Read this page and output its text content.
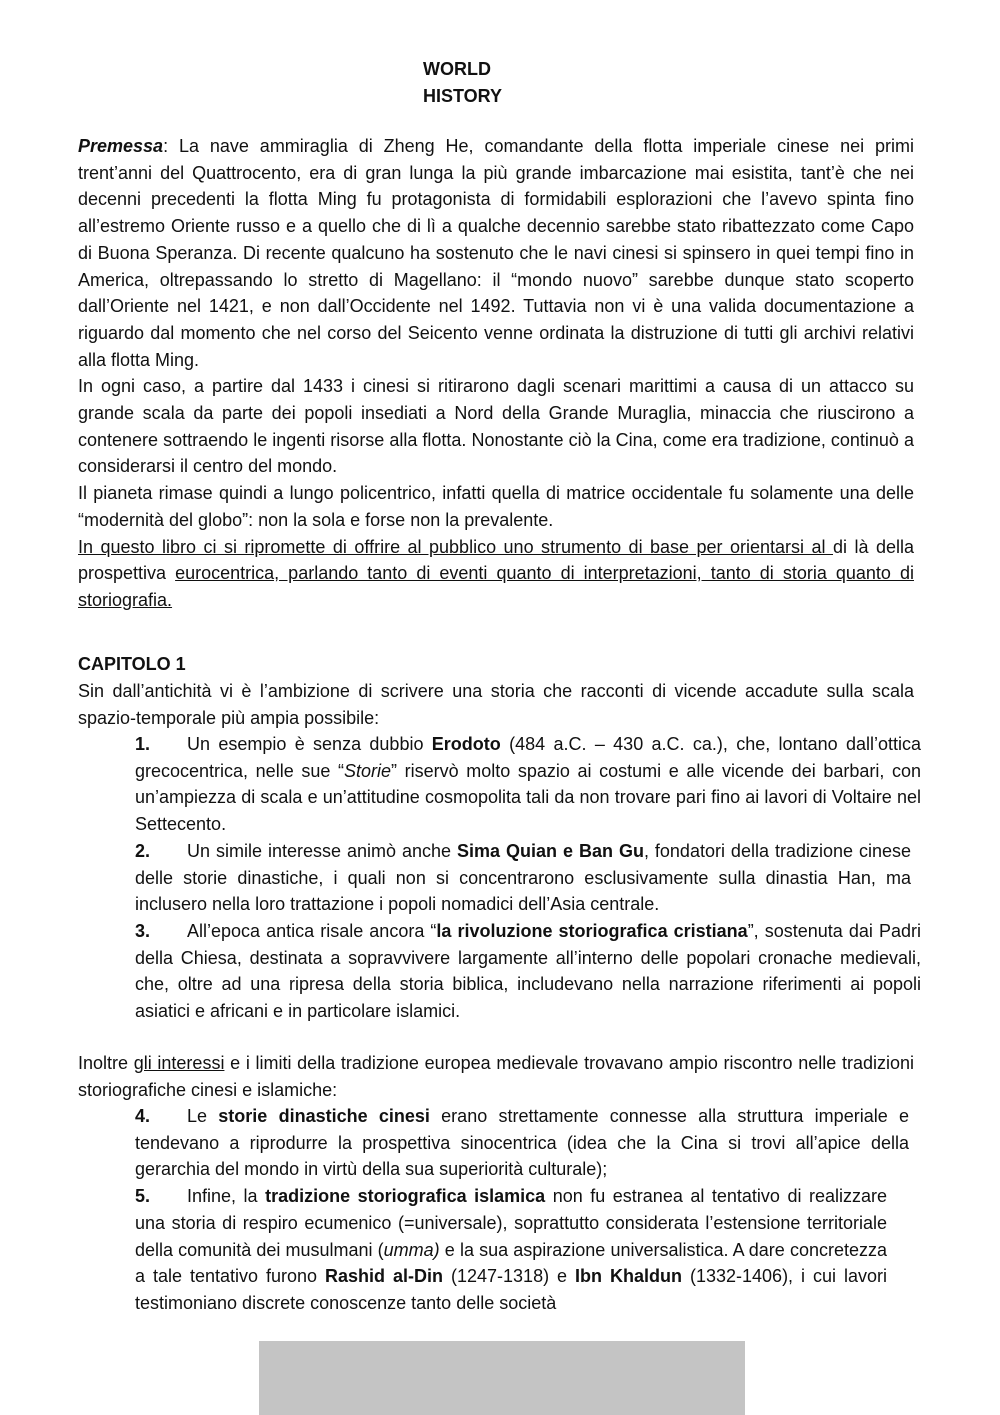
WORLD
HISTORY

Premessa: La nave ammiraglia di Zheng He, comandante della flotta imperiale cinese nei primi trent’anni del Quattrocento, era di gran lunga la più grande imbarcazione mai esistita, tant’è che nei decenni precedenti la flotta Ming fu protagonista di formidabili esplorazioni che l’avevo spinta fino all’estremo Oriente russo e a quello che di lì a qualche decennio sarebbe stato ribattezzato come Capo di Buona Speranza. Di recente qualcuno ha sostenuto che le navi cinesi si spinsero in quei tempi fino in America, oltrepassando lo stretto di Magellano: il “mondo nuovo” sarebbe dunque stato scoperto dall’Oriente nel 1421, e non dall’Occidente nel 1492. Tuttavia non vi è una valida documentazione a riguardo dal momento che nel corso del Seicento venne ordinata la distruzione di tutti gli archivi relativi alla flotta Ming.

In ogni caso, a partire dal 1433 i cinesi si ritirarono dagli scenari marittimi a causa di un attacco su grande scala da parte dei popoli insediati a Nord della Grande Muraglia, minaccia che riuscirono a contenere sottraendo le ingenti risorse alla flotta. Nonostante ciò la Cina, come era tradizione, continuò a considerarsi il centro del mondo.

Il pianeta rimase quindi a lungo policentrico, infatti quella di matrice occidentale fu solamente una delle “modernità del globo”: non la sola e forse non la prevalente.

In questo libro ci si ripromette di offrire al pubblico uno strumento di base per orientarsi al di là della prospettiva eurocentrica, parlando tanto di eventi quanto di interpretazioni, tanto di storia quanto di storiografia.

CAPITOLO 1
Sin dall’antichità vi è l’ambizione di scrivere una storia che racconti di vicende accadute sulla scala spazio-temporale più ampia possibile:

1. Un esempio è senza dubbio Erodoto (484 a.C. – 430 a.C. ca.), che, lontano dall’ottica grecocentrica, nelle sue “Storie” riservò molto spazio ai costumi e alle vicende dei barbari, con un’ampiezza di scala e un’attitudine cosmopolita tali da non trovare pari fino ai lavori di Voltaire nel Settecento.

2. Un simile interesse animò anche Sima Quian e Ban Gu, fondatori della tradizione cinese delle storie dinastiche, i quali non si concentrarono esclusivamente sulla dinastia Han, ma inclusero nella loro trattazione i popoli nomadici dell’Asia centrale.

3. All’epoca antica risale ancora “la rivoluzione storiografica cristiana”, sostenuta dai Padri della Chiesa, destinata a sopravvivere largamente all’interno delle popolari cronache medievali, che, oltre ad una ripresa della storia biblica, includevano nella narrazione riferimenti ai popoli asiatici e africani e in particolare islamici.

Inoltre gli interessi e i limiti della tradizione europea medievale trovavano ampio riscontro nelle tradizioni storiografiche cinesi e islamiche:

4. Le storie dinastiche cinesi erano strettamente connesse alla struttura imperiale e tendevano a riprodurre la prospettiva sinocentrica (idea che la Cina si trovi all’apice della gerarchia del mondo in virtù della sua superiorità culturale);

5. Infine, la tradizione storiografica islamica non fu estranea al tentativo di realizzare una storia di respiro ecumenico (=universale), soprattutto considerata l’estensione territoriale della comunità dei musulmani (umma) e la sua aspirazione universalistica. A dare concretezza a tale tentativo furono Rashid al-Din (1247-1318) e Ibn Khaldun (1332-1406), i cui lavori testimoniano discrete conoscenze tanto delle società
